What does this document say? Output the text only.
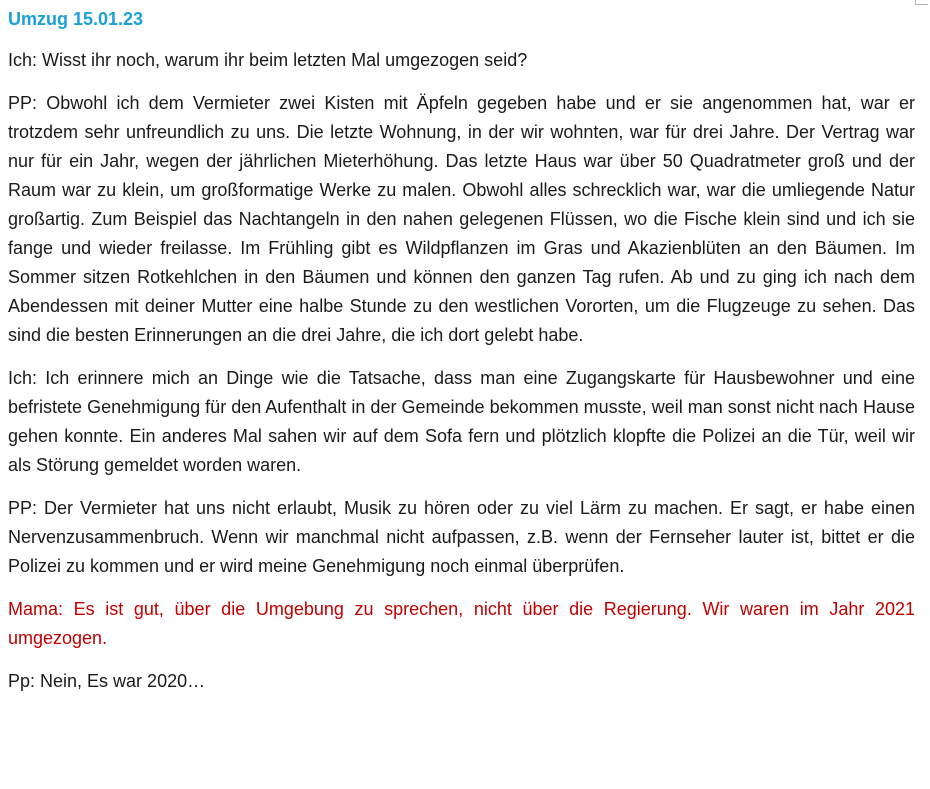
Umzug 15.01.23

Ich: Wisst ihr noch, warum ihr beim letzten Mal umgezogen seid?

PP: Obwohl ich dem Vermieter zwei Kisten mit Äpfeln gegeben habe und er sie angenommen hat, war er trotzdem sehr unfreundlich zu uns. Die letzte Wohnung, in der wir wohnten, war für drei Jahre. Der Vertrag war nur für ein Jahr, wegen der jährlichen Mieterhöhung. Das letzte Haus war über 50 Quadratmeter groß und der Raum war zu klein, um großformatige Werke zu malen. Obwohl alles schrecklich war, war die umliegende Natur großartig. Zum Beispiel das Nachtangeln in den nahen gelegenen Flüssen, wo die Fische klein sind und ich sie fange und wieder freilasse. Im Frühling gibt es Wildpflanzen im Gras und Akazienblüten an den Bäumen. Im Sommer sitzen Rotkehlchen in den Bäumen und können den ganzen Tag rufen. Ab und zu ging ich nach dem Abendessen mit deiner Mutter eine halbe Stunde zu den westlichen Vororten, um die Flugzeuge zu sehen. Das sind die besten Erinnerungen an die drei Jahre, die ich dort gelebt habe.

Ich: Ich erinnere mich an Dinge wie die Tatsache, dass man eine Zugangskarte für Hausbewohner und eine befristete Genehmigung für den Aufenthalt in der Gemeinde bekommen musste, weil man sonst nicht nach Hause gehen konnte. Ein anderes Mal sahen wir auf dem Sofa fern und plötzlich klopfte die Polizei an die Tür, weil wir als Störung gemeldet worden waren.

PP: Der Vermieter hat uns nicht erlaubt, Musik zu hören oder zu viel Lärm zu machen. Er sagt, er habe einen Nervenzusammenbruch. Wenn wir manchmal nicht aufpassen, z.B. wenn der Fernseher lauter ist, bittet er die Polizei zu kommen und er wird meine Genehmigung noch einmal überprüfen.

Mama: Es ist gut, über die Umgebung zu sprechen, nicht über die Regierung. Wir waren im Jahr 2021 umgezogen.

Pp: Nein, Es war 2020…
